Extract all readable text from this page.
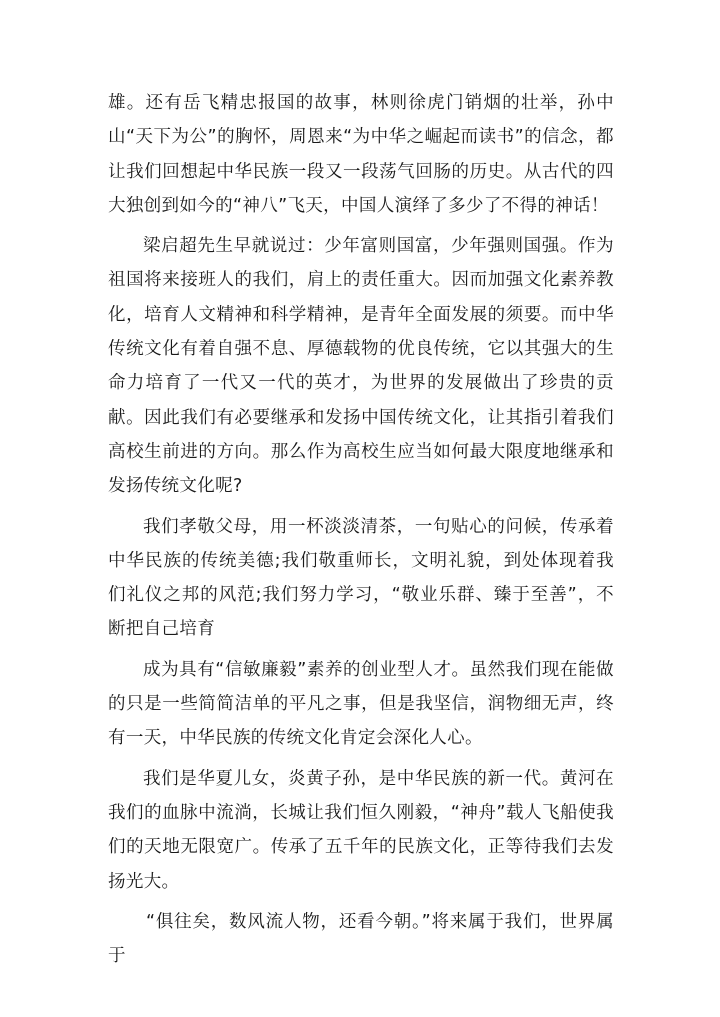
雄。还有岳飞精忠报国的故事，林则徐虎门销烟的壮举，孙中山“天下为公”的胸怀，周恩来“为中华之崛起而读书”的信念，都让我们回想起中华民族一段又一段荡气回肠的历史。从古代的四大独创到如今的“神八”飞天，中国人演绎了多少了不得的神话！

梁启超先生早就说过：少年富则国富，少年强则国强。作为祖国将来接班人的我们，肩上的责任重大。因而加强文化素养教化，培育人文精神和科学精神，是青年全面发展的须要。而中华传统文化有着自强不息、厚德载物的优良传统，它以其强大的生命力培育了一代又一代的英才，为世界的发展做出了珍贵的贡献。因此我们有必要继承和发扬中国传统文化，让其指引着我们高校生前进的方向。那么作为高校生应当如何最大限度地继承和发扬传统文化呢?

我们孝敬父母，用一杯淡淡清茶，一句贴心的问候，传承着中华民族的传统美德;我们敬重师长，文明礼貌，到处体现着我们礼仪之邦的风范;我们努力学习，“敬业乐群、臻于至善”，不断把自己培育

成为具有“信敏廉毅”素养的创业型人才。虽然我们现在能做的只是一些简简洁单的平凡之事，但是我坚信，润物细无声，终有一天，中华民族的传统文化肯定会深化人心。

我们是华夏儿女，炎黄子孙，是中华民族的新一代。黄河在我们的血脉中流淌，长城让我们恒久刚毅，“神舟”载人飞船使我们的天地无限宽广。传承了五千年的民族文化，正等待我们去发扬光大。

“俱往矣，数风流人物，还看今朝。”将来属于我们，世界属于
